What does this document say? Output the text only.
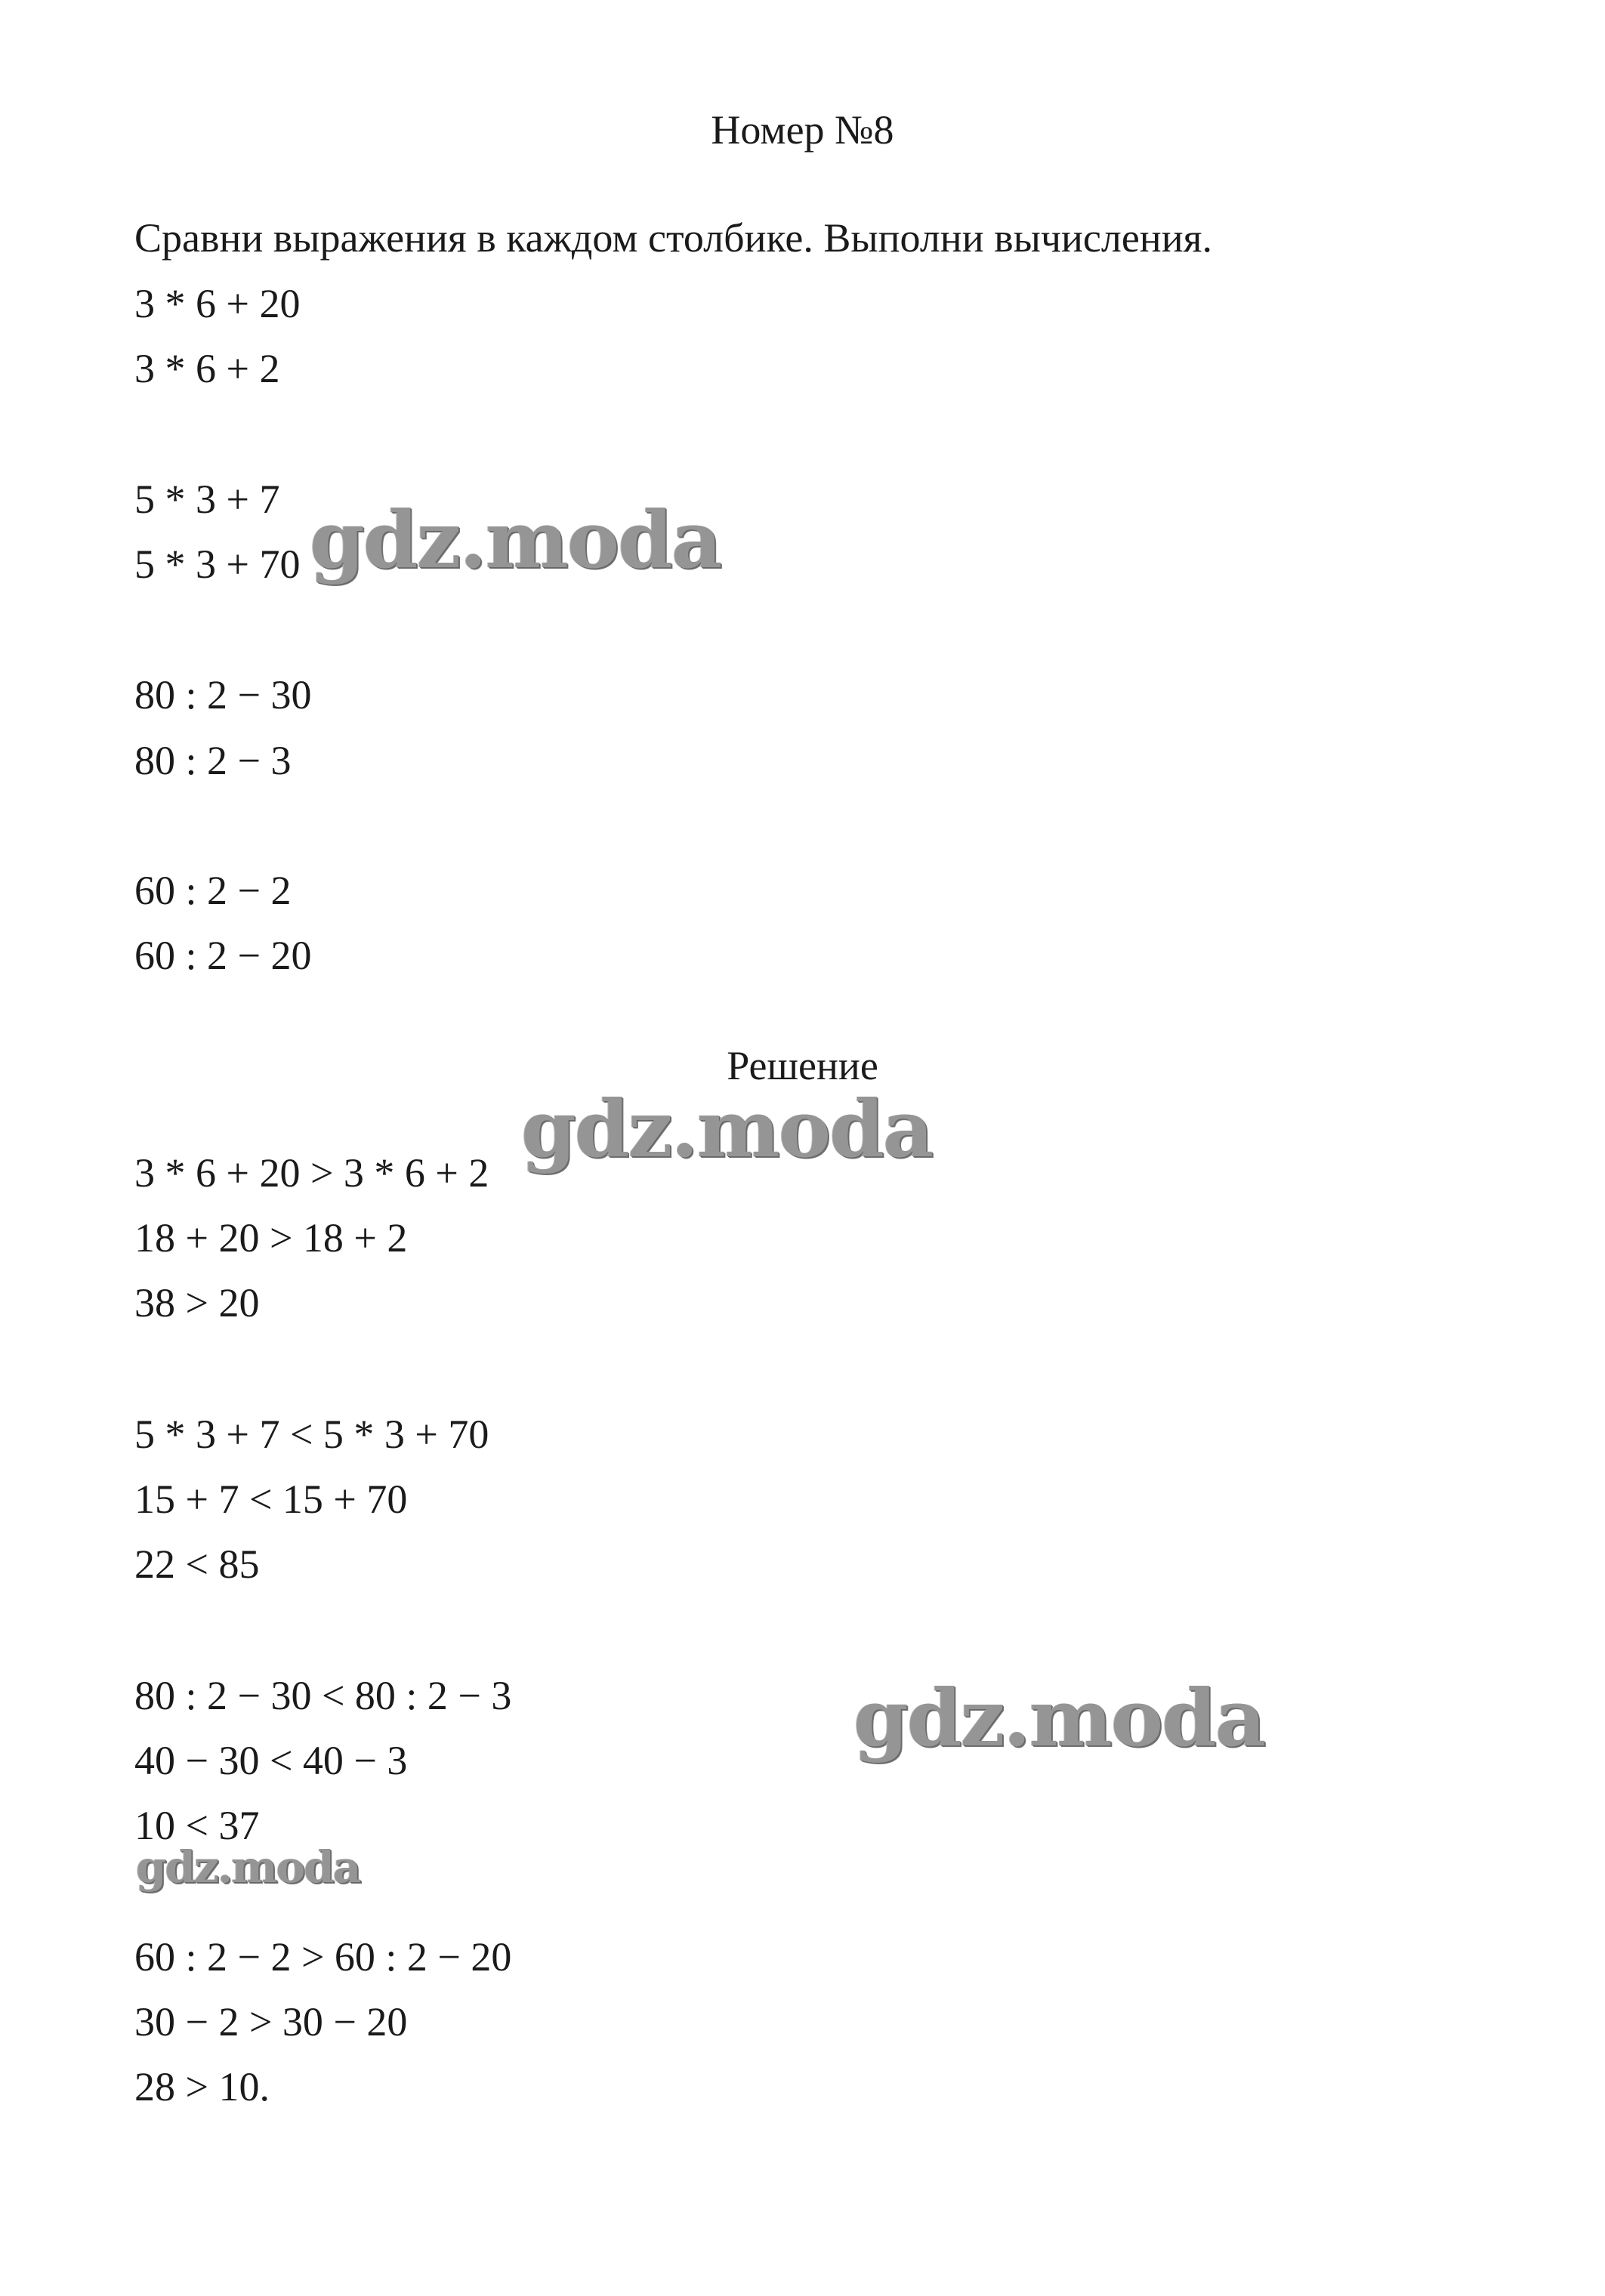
Номер №8
Сравни выражения в каждом столбике. Выполни вычисления.
3 * 6 + 20
3 * 6 + 2
5 * 3 + 7
5 * 3 + 70
80 : 2 − 30
80 : 2 − 3
60 : 2 − 2
60 : 2 − 20
Решение
3 * 6 + 20 > 3 * 6 + 2
18 + 20 > 18 + 2
38 > 20
5 * 3 + 7 < 5 * 3 + 70
15 + 7 < 15 + 70
22 < 85
80 : 2 − 30 < 80 : 2 − 3
40 − 30 < 40 − 3
10 < 37
60 : 2 − 2 > 60 : 2 − 20
30 − 2 > 30 − 20
28 > 10.
gdz.moda
gdz.moda
gdz.moda
gdz.moda
